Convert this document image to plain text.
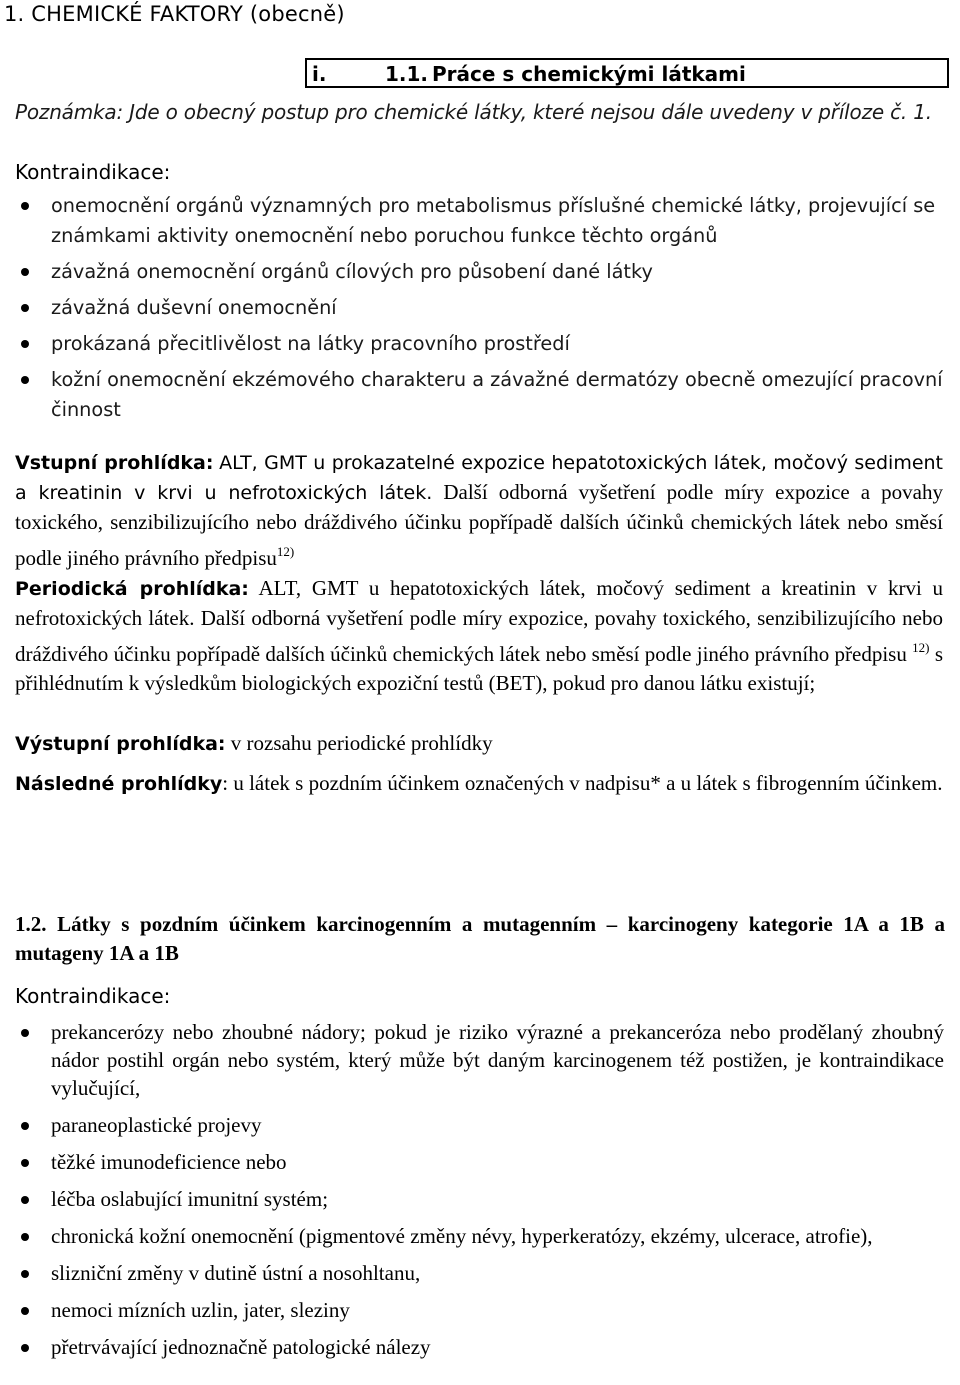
1. CHEMICKÉ FAKTORY (obecně)
i.	1.1. Práce s chemickými látkami
Poznámka: Jde o obecný postup pro chemické látky, které nejsou dále uvedeny v příloze č. 1.
Kontraindikace:
onemocnění orgánů významných pro metabolismus příslušné chemické látky, projevující se známkami aktivity onemocnění nebo poruchou funkce těchto orgánů
závažná onemocnění orgánů cílových pro působení dané látky
závažná duševní onemocnění
prokázaná přecitlivělost na látky pracovního prostředí
kožní onemocnění ekzémového charakteru a závažné dermatózy obecně omezující pracovní činnost
Vstupní prohlídka: ALT, GMT u prokazatelné expozice hepatotoxických látek, močový sediment a kreatinin v krvi u nefrotoxických látek. Další odborná vyšetření podle míry expozice a povahy toxického, senzibilizujícího nebo dráždivého účinku popřípadě dalších účinků chemických látek nebo směsí podle jiného právního předpisu$^{12)}$
Periodická prohlídka: ALT, GMT u hepatotoxických látek, močový sediment a kreatinin v krvi u nefrotoxických látek. Další odborná vyšetření podle míry expozice, povahy toxického, senzibilizujícího nebo dráždivého účinku popřípadě dalších účinků chemických látek nebo směsí podle jiného právního předpisu $^{12)}$ s přihlédnutím k výsledkům biologických expoziční testů (BET), pokud pro danou látku existují;
Výstupní prohlídka: v rozsahu periodické prohlídky
Následné prohlídky: u látek s pozdním účinkem označených v nadpisu* a u látek s fibrogenním účinkem.
1.2. Látky s pozdním účinkem karcinogenním a mutagenním – karcinogeny kategorie 1A a 1B a mutageny 1A a 1B
Kontraindikace:
prekancerózy nebo zhoubné nádory; pokud je riziko výrazné a prekanceróza nebo prodělaný zhoubný nádor postihl orgán nebo systém, který může být daným karcinogenem též postižen, je kontraindikace vylučující,
paraneoplastické projevy
těžké imunodeficience nebo
léčba oslabující imunitní systém;
chronická kožní onemocnění (pigmentové změny névy, hyperkeratózy, ekzémy, ulcerace, atrofie),
slizniční změny v dutině ústní a nosohltanu,
nemoci mízních uzlin, jater, sleziny
přetrvávající jednoznačně patologické nálezy
